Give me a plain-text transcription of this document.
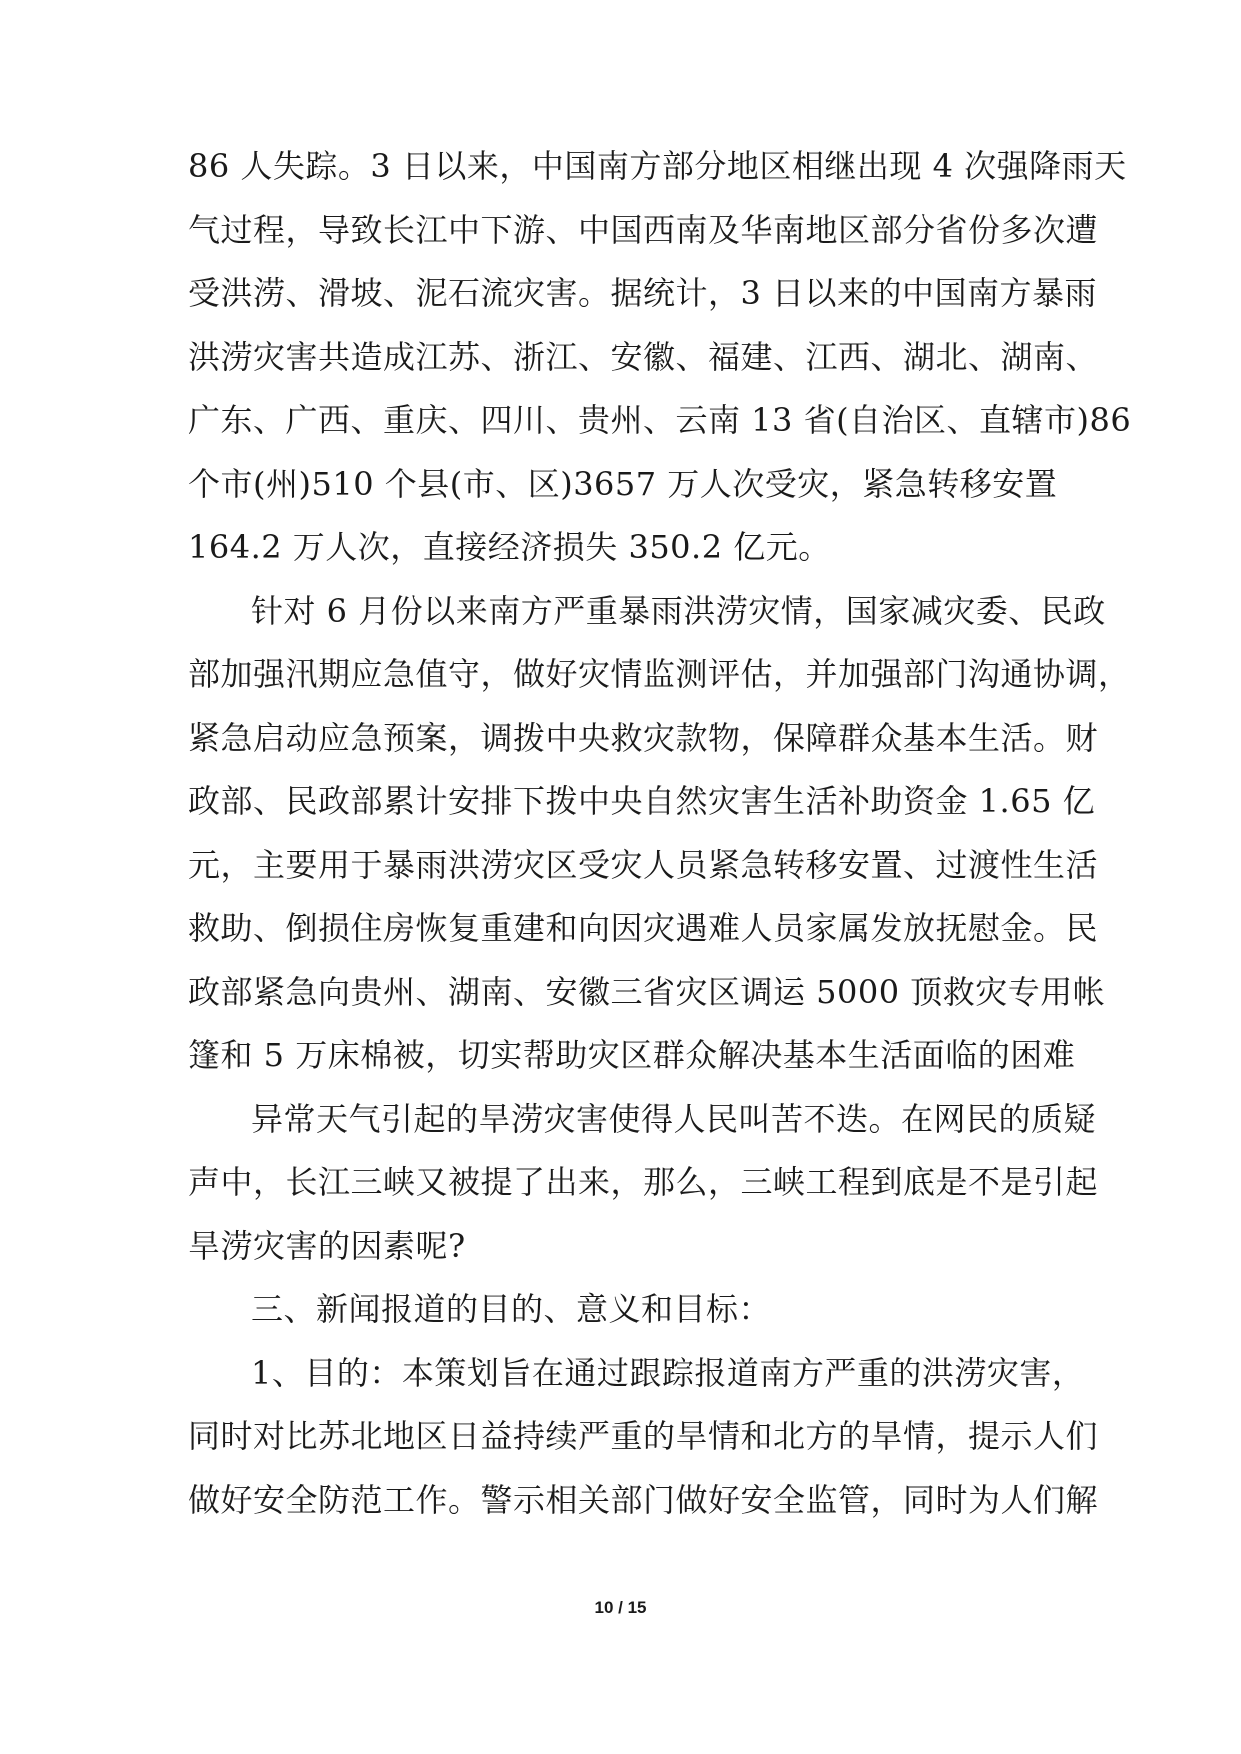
86 人失踪。3 日以来，中国南方部分地区相继出现 4 次强降雨天
气过程，导致长江中下游、中国西南及华南地区部分省份多次遭
受洪涝、滑坡、泥石流灾害。据统计，3 日以来的中国南方暴雨
洪涝灾害共造成江苏、浙江、安徽、福建、江西、湖北、湖南、
广东、广西、重庆、四川、贵州、云南 13 省(自治区、直辖市)86
个市(州)510 个县(市、区)3657 万人次受灾，紧急转移安置
164.2 万人次，直接经济损失 350.2 亿元。
针对 6 月份以来南方严重暴雨洪涝灾情，国家减灾委、民政
部加强汛期应急值守，做好灾情监测评估，并加强部门沟通协调，
紧急启动应急预案，调拨中央救灾款物，保障群众基本生活。财
政部、民政部累计安排下拨中央自然灾害生活补助资金 1.65 亿
元，主要用于暴雨洪涝灾区受灾人员紧急转移安置、过渡性生活
救助、倒损住房恢复重建和向因灾遇难人员家属发放抚慰金。民
政部紧急向贵州、湖南、安徽三省灾区调运 5000 顶救灾专用帐
篷和 5 万床棉被，切实帮助灾区群众解决基本生活面临的困难
异常天气引起的旱涝灾害使得人民叫苦不迭。在网民的质疑
声中，长江三峡又被提了出来，那么，三峡工程到底是不是引起
旱涝灾害的因素呢?
三、新闻报道的目的、意义和目标：
1、目的：本策划旨在通过跟踪报道南方严重的洪涝灾害，
同时对比苏北地区日益持续严重的旱情和北方的旱情，提示人们
做好安全防范工作。警示相关部门做好安全监管，同时为人们解
10 / 15
